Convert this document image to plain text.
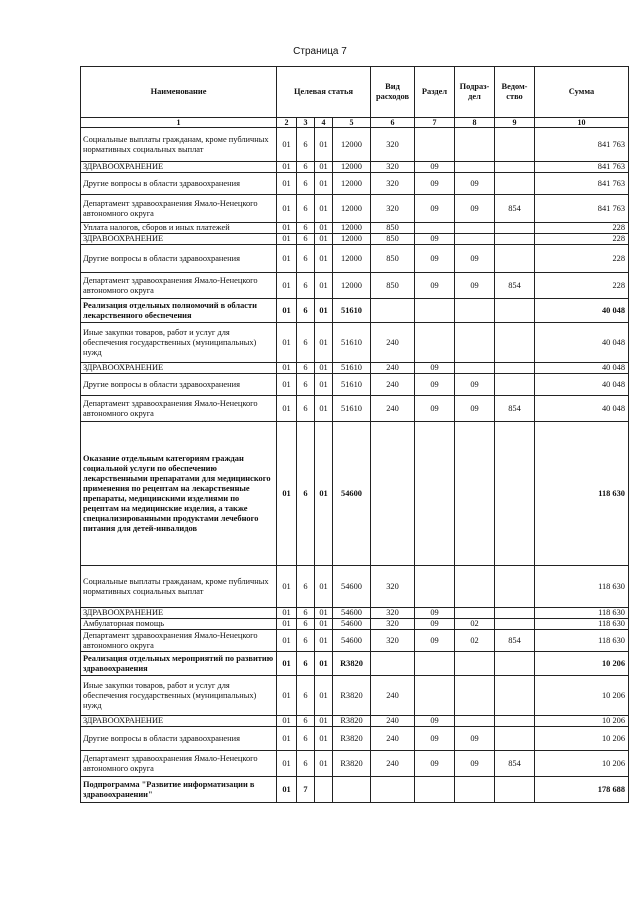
Страница 7
Наименование	Целевая статья				Вид расходов	Раздел	Подраз- дел	Ведом- ство	Сумма
1	2	3	4	5	6	7	8	9	10
Социальные выплаты гражданам, кроме публичных нормативных социальных выплат	01	6	01	12000	320				841 763
ЗДРАВООХРАНЕНИЕ	01	6	01	12000	320	09			841 763
Другие вопросы в области здравоохранения	01	6	01	12000	320	09	09		841 763
Департамент здравоохранения Ямало-Ненецкого автономного округа	01	6	01	12000	320	09	09	854	841 763
Уплата налогов, сборов и иных платежей	01	6	01	12000	850				228
ЗДРАВООХРАНЕНИЕ	01	6	01	12000	850	09			228
Другие вопросы в области здравоохранения	01	6	01	12000	850	09	09		228
Департамент здравоохранения Ямало-Ненецкого автономного округа	01	6	01	12000	850	09	09	854	228
Реализация отдельных полномочий в области лекарственного обеспечения	01	6	01	51610					40 048
Иные закупки товаров, работ и услуг для обеспечения государственных (муниципальных) нужд	01	6	01	51610	240				40 048
ЗДРАВООХРАНЕНИЕ	01	6	01	51610	240	09			40 048
Другие вопросы в области здравоохранения	01	6	01	51610	240	09	09		40 048
Департамент здравоохранения Ямало-Ненецкого автономного округа	01	6	01	51610	240	09	09	854	40 048
Оказание отдельным категориям граждан социальной услуги по обеспечению лекарственными препаратами для медицинского применения по рецептам на лекарственные препараты, медицинскими изделиями по рецептам на медицинские изделия, а также специализированными продуктами лечебного питания для детей-инвалидов	01	6	01	54600					118 630
Социальные выплаты гражданам, кроме публичных нормативных социальных выплат	01	6	01	54600	320				118 630
ЗДРАВООХРАНЕНИЕ	01	6	01	54600	320	09			118 630
Амбулаторная помощь	01	6	01	54600	320	09	02		118 630
Департамент здравоохранения Ямало-Ненецкого автономного округа	01	6	01	54600	320	09	02	854	118 630
Реализация отдельных мероприятий по развитию здравоохранения	01	6	01	R3820					10 206
Иные закупки товаров, работ и услуг для обеспечения государственных (муниципальных) нужд	01	6	01	R3820	240				10 206
ЗДРАВООХРАНЕНИЕ	01	6	01	R3820	240	09			10 206
Другие вопросы в области здравоохранения	01	6	01	R3820	240	09	09		10 206
Департамент здравоохранения Ямало-Ненецкого автономного округа	01	6	01	R3820	240	09	09	854	10 206
Подпрограмма "Развитие информатизации в здравоохранении"	01	7							178 688
